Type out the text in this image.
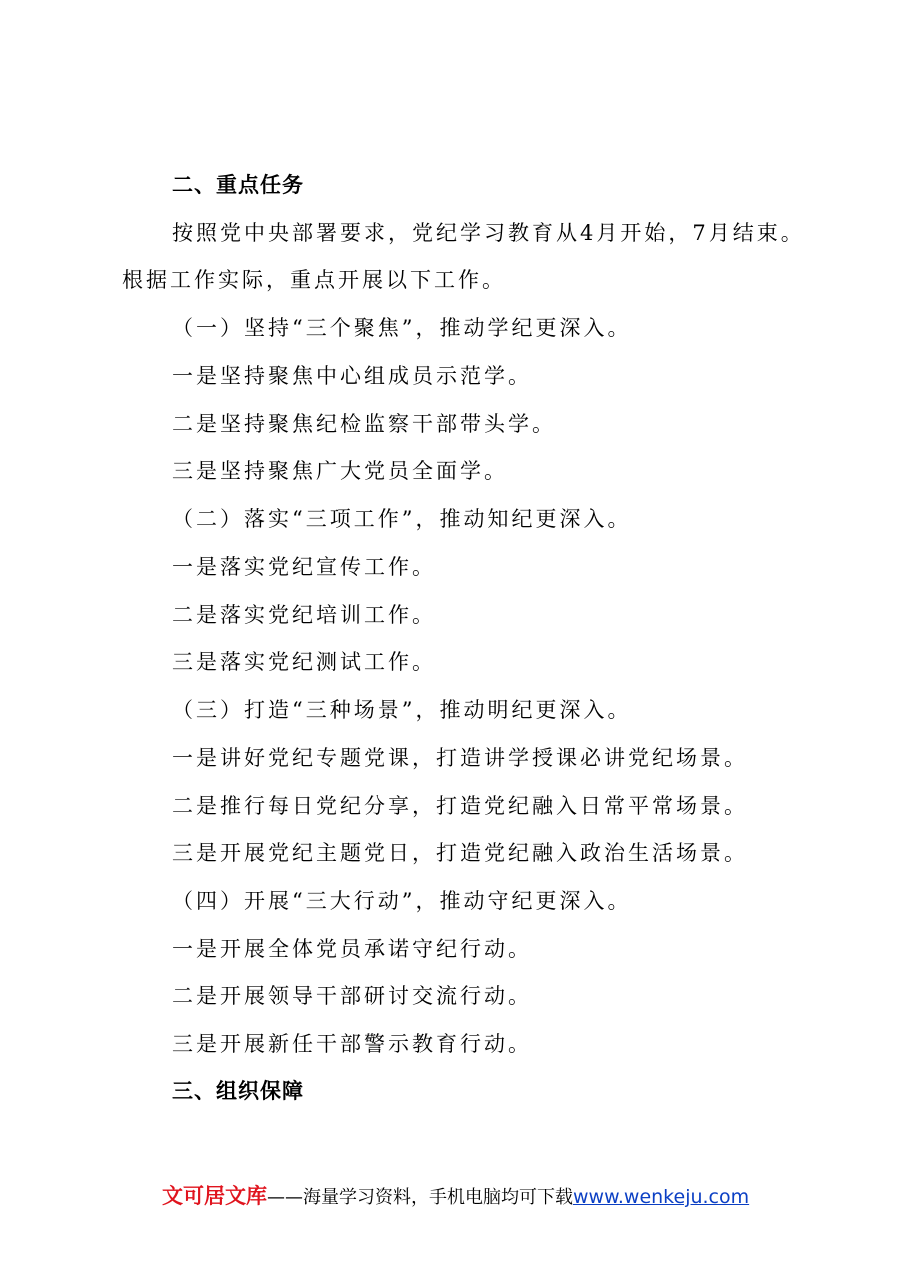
二、重点任务
按照党中央部署要求，党纪学习教育从4月开始，7月结束。
根据工作实际，重点开展以下工作。
（一）坚持“三个聚焦”，推动学纪更深入。
一是坚持聚焦中心组成员示范学。
二是坚持聚焦纪检监察干部带头学。
三是坚持聚焦广大党员全面学。
（二）落实“三项工作”，推动知纪更深入。
一是落实党纪宣传工作。
二是落实党纪培训工作。
三是落实党纪测试工作。
（三）打造“三种场景”，推动明纪更深入。
一是讲好党纪专题党课，打造讲学授课必讲党纪场景。
二是推行每日党纪分享，打造党纪融入日常平常场景。
三是开展党纪主题党日，打造党纪融入政治生活场景。
（四）开展“三大行动”，推动守纪更深入。
一是开展全体党员承诺守纪行动。
二是开展领导干部研讨交流行动。
三是开展新任干部警示教育行动。
三、组织保障
文可居文库——海量学习资料，手机电脑均可下载www.wenkeju.com
